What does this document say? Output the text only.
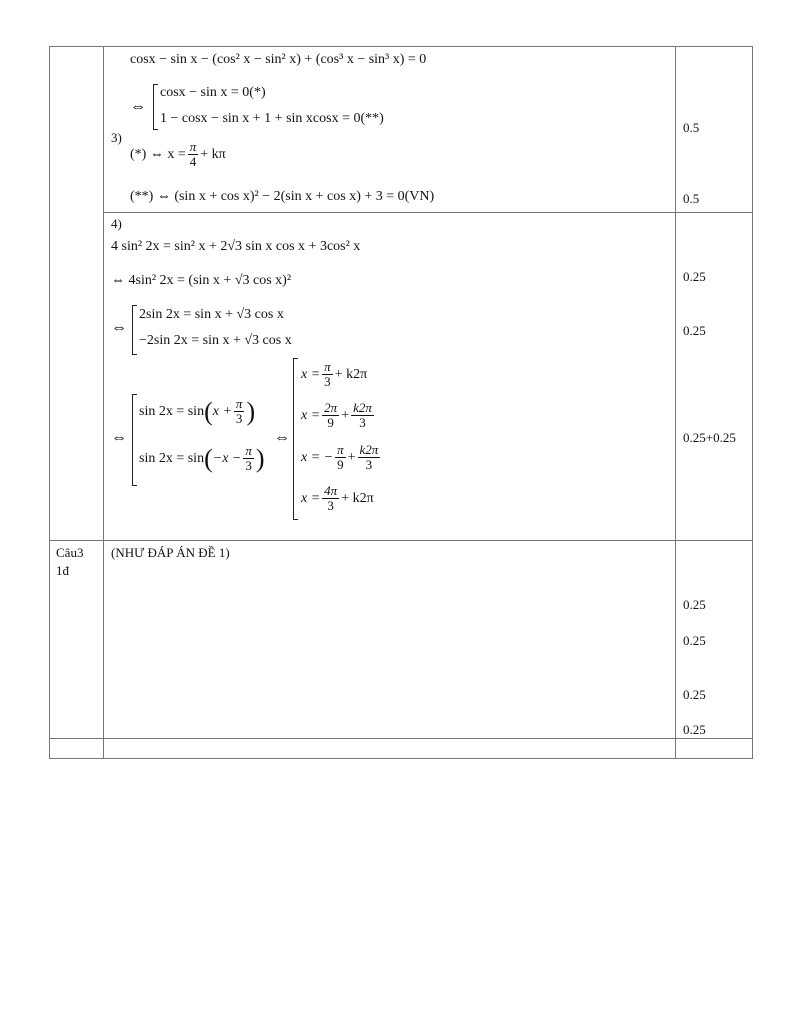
cosx − sin x − (cos² x − sin² x) + (cos³ x − sin³ x) = 0
⇔
cosx − sin x = 0(*)
1 − cosx − sin x + 1 + sin xcosx = 0(**)
3)
(*) ⇔ $x = \frac{\pi}{4} + k\pi$
(**) ⇔ (sin x + cos x)² − 2(sin x + cos x) + 3 = 0(VN)
0.5
0.5
4)
4 sin² 2x = sin² x + 2√3 sin x cos x + 3cos² x
⇔ 4sin² 2x = (sin x + √3 cos x)²
⇔
2sin 2x = sin x + √3 cos x
−2sin 2x = sin x + √3 cos x
⇔
sin 2x = sin ( $x + \frac{\pi}{3}$ )
sin 2x = sin ( $-x - \frac{\pi}{3}$ )
⇔
$x = \frac{\pi}{3} + k2\pi$
$x = \frac{2\pi}{9} + \frac{k2\pi}{3}$
x = − $\frac{\pi}{9} + \frac{k2\pi}{3}$
$x = \frac{4\pi}{3} + k2\pi$
0.25
0.25
0.25+0.25
Câu3
1đ
(NHƯ ĐÁP ÁN ĐỀ 1)
0.25
0.25
0.25
0.25
